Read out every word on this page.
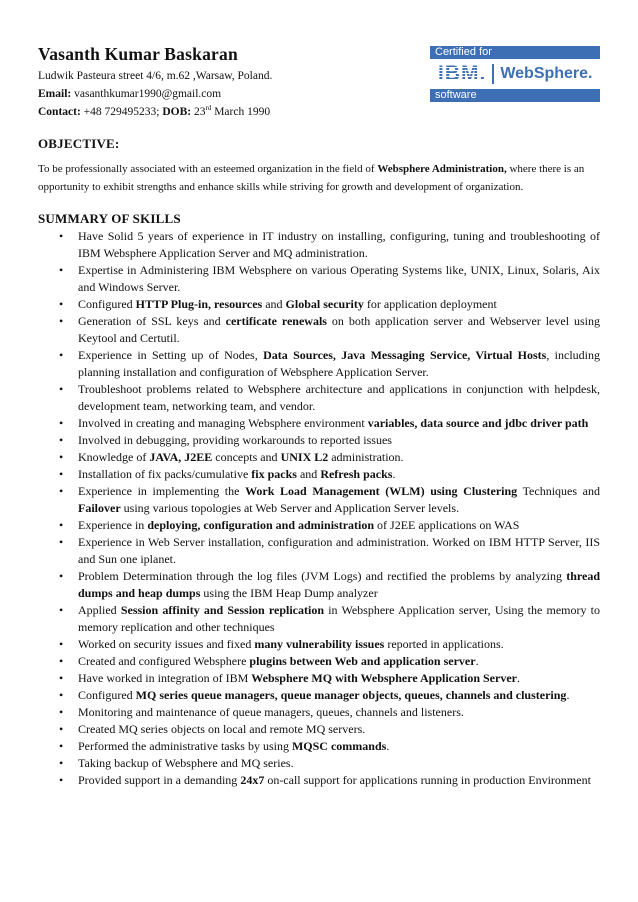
Vasanth Kumar Baskaran
Ludwik Pasteura street 4/6, m.62 ,Warsaw, Poland.
Email: vasanthkumar1990@gmail.com
Contact: +48 729495233; DOB: 23rd March 1990
Certified for
IBM. WebSphere.
software
OBJECTIVE:
To be professionally associated with an esteemed organization in the field of Websphere Administration, where there is an opportunity to exhibit strengths and enhance skills while striving for growth and development of organization.
SUMMARY OF SKILLS
• Have Solid 5 years of experience in IT industry on installing, configuring, tuning and troubleshooting of IBM Websphere Application Server and MQ administration.
• Expertise in Administering IBM Websphere on various Operating Systems like, UNIX, Linux, Solaris, Aix and Windows Server.
• Configured HTTP Plug-in, resources and Global security for application deployment
• Generation of SSL keys and certificate renewals on both application server and Webserver level using Keytool and Certutil.
• Experience in Setting up of Nodes, Data Sources, Java Messaging Service, Virtual Hosts, including planning installation and configuration of Websphere Application Server.
• Troubleshoot problems related to Websphere architecture and applications in conjunction with helpdesk, development team, networking team, and vendor.
• Involved in creating and managing Websphere environment variables, data source and jdbc driver path
• Involved in debugging, providing workarounds to reported issues
• Knowledge of JAVA, J2EE concepts and UNIX L2 administration.
• Installation of fix packs/cumulative fix packs and Refresh packs.
• Experience in implementing the Work Load Management (WLM) using Clustering Techniques and Failover using various topologies at Web Server and Application Server levels.
• Experience in deploying, configuration and administration of J2EE applications on WAS
• Experience in Web Server installation, configuration and administration. Worked on IBM HTTP Server, IIS and Sun one iplanet.
• Problem Determination through the log files (JVM Logs) and rectified the problems by analyzing thread dumps and heap dumps using the IBM Heap Dump analyzer
• Applied Session affinity and Session replication in Websphere Application server, Using the memory to memory replication and other techniques
• Worked on security issues and fixed many vulnerability issues reported in applications.
• Created and configured Websphere plugins between Web and application server.
• Have worked in integration of IBM Websphere MQ with Websphere Application Server.
• Configured MQ series queue managers, queue manager objects, queues, channels and clustering.
• Monitoring and maintenance of queue managers, queues, channels and listeners.
• Created MQ series objects on local and remote MQ servers.
• Performed the administrative tasks by using MQSC commands.
• Taking backup of Websphere and MQ series.
• Provided support in a demanding 24x7 on-call support for applications running in production Environment
